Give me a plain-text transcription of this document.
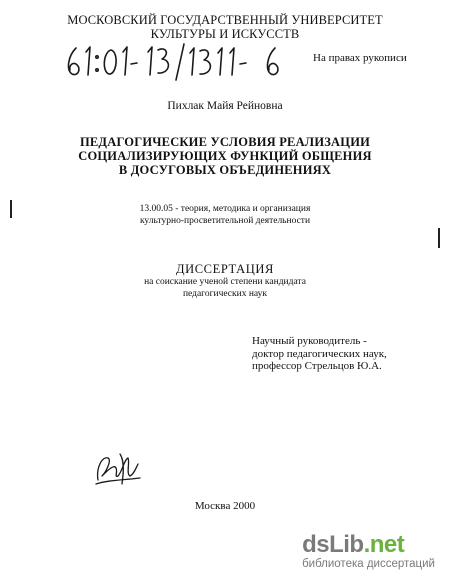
МОСКОВСКИЙ ГОСУДАРСТВЕННЫЙ УНИВЕРСИТЕТ
КУЛЬТУРЫ И ИСКУССТВ
На правах рукописи
Пихлак Майя Рейновна
ПЕДАГОГИЧЕСКИЕ УСЛОВИЯ РЕАЛИЗАЦИИ
СОЦИАЛИЗИРУЮЩИХ ФУНКЦИЙ ОБЩЕНИЯ
В ДОСУГОВЫХ ОБЪЕДИНЕНИЯХ
13.00.05 - теория, методика и организация
культурно-просветительной деятельности
ДИССЕРТАЦИЯ
на соискание ученой степени кандидата
педагогических наук
Научный руководитель -
доктор педагогических наук,
профессор Стрельцов Ю.А.
Москва 2000
dsLib.net
библиотека диссертаций
